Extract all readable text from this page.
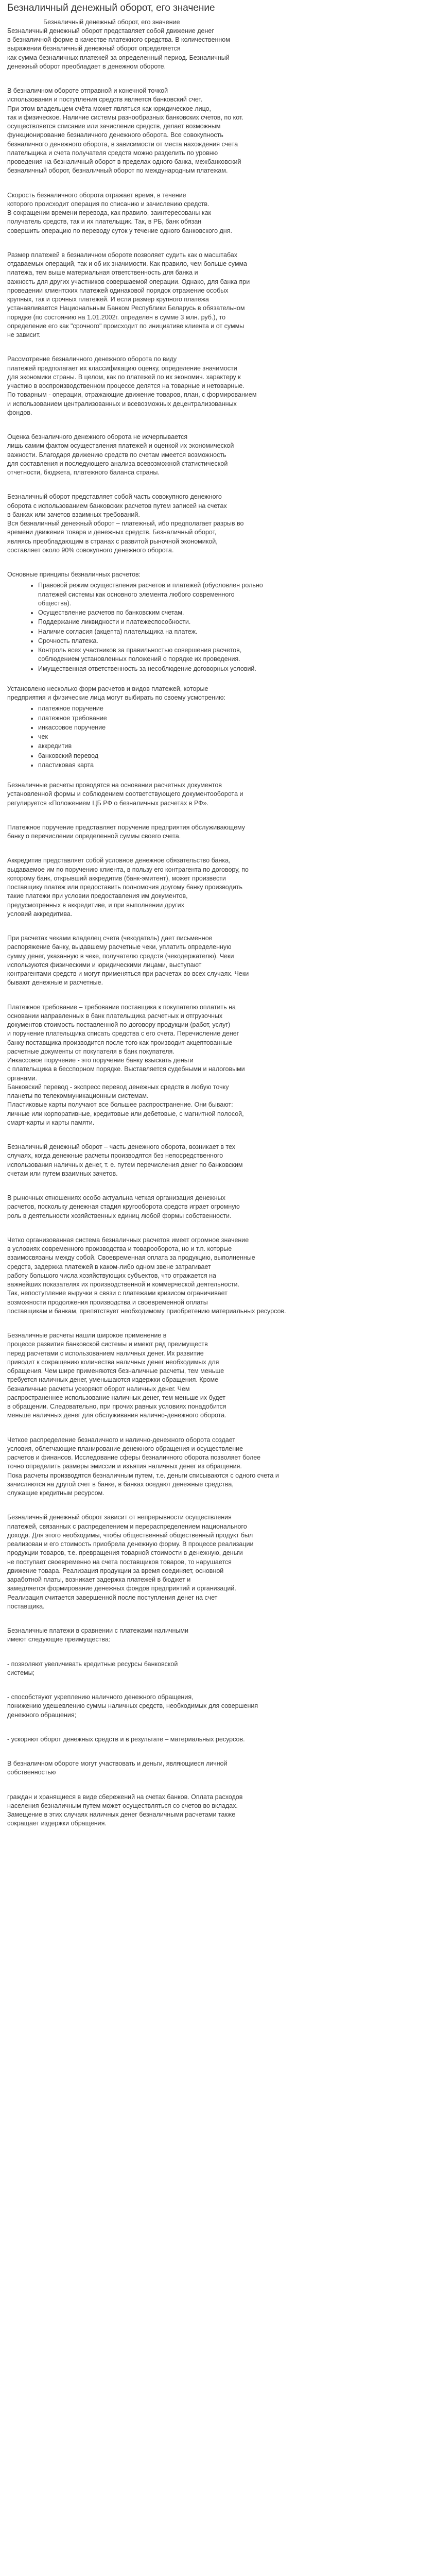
Безналичный денежный оборот, его значение

Безналичный денежный оборот, его значение

Безналичный денежный оборот представляет собой движение денег
в безналичной форме в качестве платежного средства. В количественном
выражении безналичный денежный оборот определяется
как сумма безналичных платежей за определенный период. Безналичный
денежный оборот преобладает в денежном обороте.

В безналичном обороте отправной и конечной точкой
использования и поступления средств является банковский счет.
При этом владельцем счёта может являться как юридическое лицо,
так и физическое. Наличие системы разнообразных банковских счетов, по кот.
осуществляется списание или зачисление средств, делает возможным
функционирование безналичного денежного оборота. Все совокупность
безналичного денежного оборота, в зависимости от места нахождения счета
плательщика и счета получателя средств можно разделить по уровню
проведения на безналичный оборот в пределах одного банка, межбанковский
безналичный оборот, безналичный оборот по международным платежам.

Скорость безналичного оборота отражает время, в течение
которого происходит операция по списанию и зачислению средств.
В сокращении времени перевода, как правило, заинтересованы как
получатель средств, так и их плательщик. Так, в РБ, банк обязан
совершить операцию по переводу суток у течение одного банковского дня.

Размер платежей в безналичном обороте позволяет судить как о масштабах
отдаваемых операций, так и об их значимости. Как правило, чем больше сумма
платежа, тем выше материальная ответственность для банка и
важность для других участников совершаемой операции. Однако, для банка при
проведении клиентских платежей одинаковой порядок отражение особых
крупных, так и срочных платежей. И если размер крупного платежа
устанавливается Национальным Банком Республики Беларусь в обязательном
порядке (по состоянию на 1.01.2002г. определен в сумме 3 млн. руб.), то
определение его как "срочного" происходит по инициативе клиента и от суммы
не зависит.

Рассмотрение безналичного денежного оборота по виду
платежей предполагает их классификацию оценку, определение значимости
для экономики страны. В целом, как по платежей по их экономич. характеру к
участию в воспроизводственном процессе делятся на товарные и нетоварные.
По товарным - операции, отражающие движение товаров, план, с формированием
и использованием централизованных и всевозможных децентрализованных
фондов.

Оценка безналичного денежного оборота не исчерпывается
лишь самим фактом осуществления платежей и оценкой их экономической
важности. Благодаря движению средств по счетам имеется возможность
для составления и последующего анализа всевозможной статистической
отчетности, бюджета, платежного баланса страны.

Безналичный оборот представляет собой часть совокупного денежного
оборота с использованием банковских расчетов путем записей на счетах
в банках или зачетов взаимных требований.
Вся безналичный денежный оборот – платежный, ибо предполагает разрыв во
времени движения товара и денежных средств. Безналичный оборот,
являясь преобладающим в странах с развитой рыночной экономикой,
составляет около 90% совокупного денежного оборота.

Основные принципы безналичных расчетов:

• Правовой режим осуществления расчетов и платежей (обусловлен рольно
платежей системы как основного элемента любого современного
общества).
• Осуществление расчетов по банковским счетам.
• Поддержание ликвидности и платежеспособности.
• Наличие согласия (акцепта) плательщика на платеж.
• Срочность платежа.
• Контроль всех участников за правильностью совершения расчетов,
соблюдением установленных положений о порядке их проведения.
• Имущественная ответственность за несоблюдение договорных условий.

Установлено несколько форм расчетов и видов платежей, которые
предприятия и физические лица могут выбирать по своему усмотрению:

• платежное поручение
• платежное требование
• инкассовое поручение
• чек
• аккредитив
• банковский перевод
• пластиковая карта

Безналичные расчеты проводятся на основании расчетных документов
установленной формы и соблюдением соответствующего документооборота и
регулируется «Положением ЦБ РФ о безналичных расчетах в РФ».

Платежное поручение представляет поручение предприятия обслуживающему
банку о перечислении определенной суммы своего счета.

Аккредитив представляет собой условное денежное обязательство банка,
выдаваемое им по поручению клиента, в пользу его контрагента по договору, по
которому банк, открывший аккредитив (банк-эмитент), может произвести
поставщику платеж или предоставить полномочия другому банку производить
такие платежи при условии предоставления им документов,
предусмотренных в аккредитиве, и при выполнении других
условий аккредитива.

При расчетах чеками владелец счета (чекодатель) дает письменное
распоряжение банку, выдавшему расчетные чеки, уплатить определенную
сумму денег, указанную в чеке, получателю средств (чекодержателю). Чеки
используются физическими и юридическими лицами, выступают
контрагентами средств и могут применяться при расчетах во всех случаях. Чеки
бывают денежные и расчетные.

Платежное требование – требование поставщика к покупателю оплатить на
основании направленных в банк плательщика расчетных и отгрузочных
документов стоимость поставленной по договору продукции (работ, услуг)
и поручение плательщика списать средства с его счета. Перечисление денег
банку поставщика производится после того как производит акцептованные
расчетные документы от покупателя в банк покупателя.
Инкассовое поручение - это поручение банку взыскать деньги
с плательщика в бесспорном порядке. Выставляется судебными и налоговыми
органами.
Банковский перевод - экспресс перевод денежных средств в любую точку
планеты по телекоммуникационным системам.
Пластиковые карты получают все большее распространение. Они бывают:
личные или корпоративные, кредитовые или дебетовые, с магнитной полосой,
смарт-карты и карты памяти.

Безналичный денежный оборот – часть денежного оборота, возникает в тех
случаях, когда денежные расчеты производятся без непосредственного
использования наличных денег, т. е. путем перечисления денег по банковским
счетам или путем взаимных зачетов.

В рыночных отношениях особо актуальна четкая организация денежных
расчетов, поскольку денежная стадия кругооборота средств играет огромную
роль в деятельности хозяйственных единиц любой формы собственности.

Четко организованная система безналичных расчетов имеет огромное значение
в условиях современного производства и товарооборота, но и т.п. которые
взаимосвязаны между собой. Своевременная оплата за продукцию, выполненные
средств, задержка платежей в каком-либо одном звене затрагивает
работу большого числа хозяйствующих субъектов, что отражается на
важнейших показателях их производственной и коммерческой деятельности.
Так, непоступление выручки в связи с платежами кризисом ограничивает
возможности продолжения производства и своевременной оплаты
поставщикам и банкам, препятствует необходимому приобретению материальных ресурсов.

Безналичные расчеты нашли широкое применение в
процессе развития банковской системы и имеют ряд преимуществ
перед расчетами с использованием наличных денег. Их развитие
приводит к сокращению количества наличных денег необходимых для
обращения. Чем шире применяются безналичные расчеты, тем меньше
требуется наличных денег, уменьшаются издержки обращения. Кроме
безналичные расчеты ускоряют оборот наличных денег. Чем
распространеннее использование наличных денег, тем меньше их будет
в обращении. Следовательно, при прочих равных условиях понадобится
меньше наличных денег для обслуживания налично-денежного оборота.

Четкое распределение безналичного и налично-денежного оборота создает
условия, облегчающие планирование денежного обращения и осуществление
расчетов и финансов. Исследование сферы безналичного оборота позволяет более
точно определить размеры эмиссии и изъятия наличных денег из обращения.
Пока расчеты производятся безналичным путем, т.е. деньги списываются с одного счета и
зачисляются на другой счет в банке, в банках оседают денежные средства,
служащие кредитным ресурсом.

Безналичный денежный оборот зависит от непрерывности осуществления
платежей, связанных с распределением и перераспределением национального
дохода. Для этого необходимы, чтобы общественный общественный продукт был
реализован и его стоимость приобрела денежную форму. В процессе реализации
продукции товаров, т.е. превращения товарной стоимости в денежную, деньги
не поступает своевременно на счета поставщиков товаров, то нарушается
движение товара. Реализация продукции за время соединяет, основной
заработной платы, возникает задержка платежей в бюджет и
замедляется формирование денежных фондов предприятий и организаций.
Реализация считается завершенной после поступления денег на счет
поставщика.

Безналичные платежи в сравнении с платежами наличными
имеют следующие преимущества:

- позволяют увеличивать кредитные ресурсы банковской
системы;

- способствуют укреплению наличного денежного обращения,
понижению удешевлению суммы наличных средств, необходимых для совершения
денежного обращения;

- ускоряют оборот денежных средств и в результате – материальных ресурсов.

В безналичном обороте могут участвовать и деньги, являющиеся личной
собственностью

граждан и хранящиеся в виде сбережений на счетах банков. Оплата расходов
населения безналичным путем может осуществляться со счетов во вкладах.
Замещение в этих случаях наличных денег безналичными расчетами также
сокращает издержки обращения.
